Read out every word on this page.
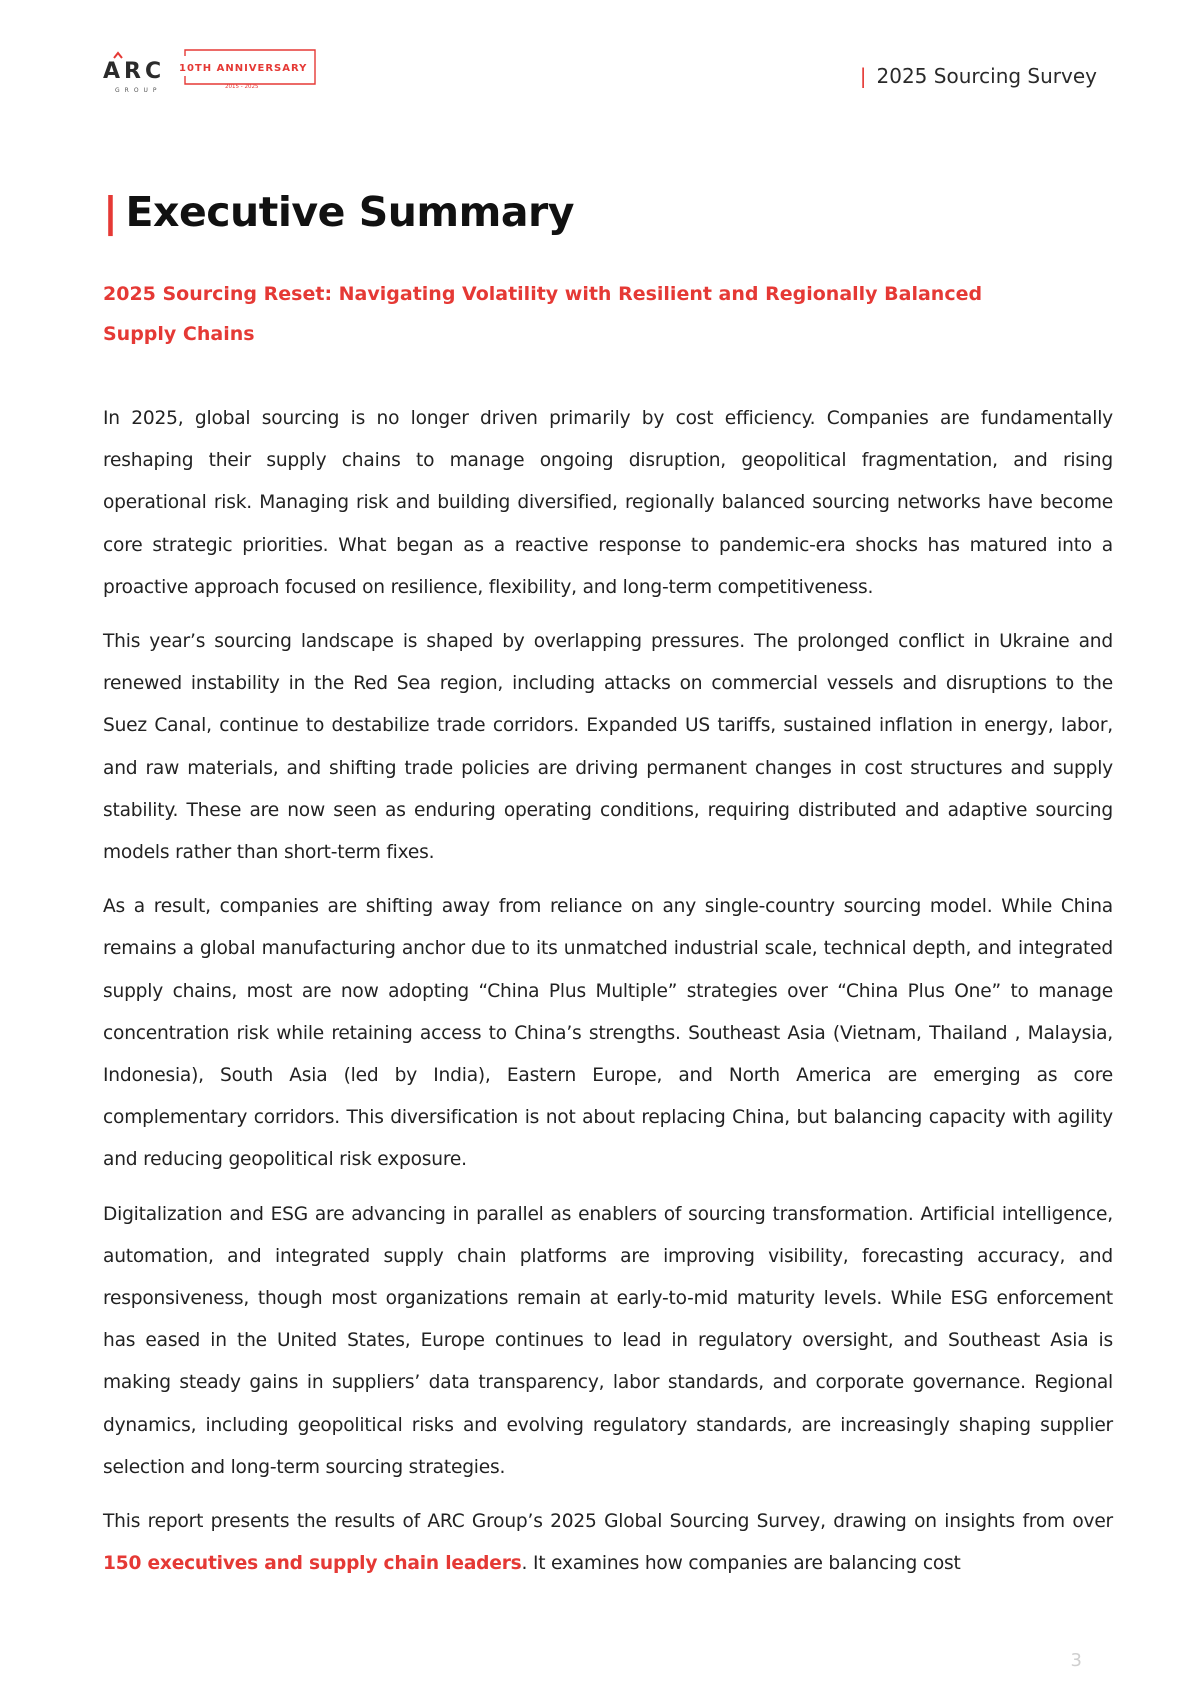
ARC
GROUP
10TH ANNIVERSARY
2015 - 2025	| 2025 Sourcing Survey
| Executive Summary
2025 Sourcing Reset: Navigating Volatility with Resilient and Regionally Balanced Supply Chains

In 2025, global sourcing is no longer driven primarily by cost efficiency. Companies are fundamentally reshaping their supply chains to manage ongoing disruption, geopolitical fragmentation, and rising operational risk. Managing risk and building diversified, regionally balanced sourcing networks have become core strategic priorities. What began as a reactive response to pandemic-era shocks has matured into a proactive approach focused on resilience, flexibility, and long-term competitiveness.

This year’s sourcing landscape is shaped by overlapping pressures. The prolonged conflict in Ukraine and renewed instability in the Red Sea region, including attacks on commercial vessels and disruptions to the Suez Canal, continue to destabilize trade corridors. Expanded US tariffs, sustained inflation in energy, labor, and raw materials, and shifting trade policies are driving permanent changes in cost structures and supply stability. These are now seen as enduring operating conditions, requiring distributed and adaptive sourcing models rather than short-term fixes.

As a result, companies are shifting away from reliance on any single-country sourcing model. While China remains a global manufacturing anchor due to its unmatched industrial scale, technical depth, and integrated supply chains, most are now adopting “China Plus Multiple” strategies over “China Plus One” to manage concentration risk while retaining access to China’s strengths. Southeast Asia (Vietnam, Thailand , Malaysia, Indonesia), South Asia (led by India), Eastern Europe, and North America are emerging as core complementary corridors. This diversification is not about replacing China, but balancing capacity with agility and reducing geopolitical risk exposure.

Digitalization and ESG are advancing in parallel as enablers of sourcing transformation. Artificial intelligence, automation, and integrated supply chain platforms are improving visibility, forecasting accuracy, and responsiveness, though most organizations remain at early-to-mid maturity levels. While ESG enforcement has eased in the United States, Europe continues to lead in regulatory oversight, and Southeast Asia is making steady gains in suppliers’ data transparency, labor standards, and corporate governance. Regional dynamics, including geopolitical risks and evolving regulatory standards, are increasingly shaping supplier selection and long-term sourcing strategies.

This report presents the results of ARC Group’s 2025 Global Sourcing Survey, drawing on insights from over 150 executives and supply chain leaders. It examines how companies are balancing cost

3
